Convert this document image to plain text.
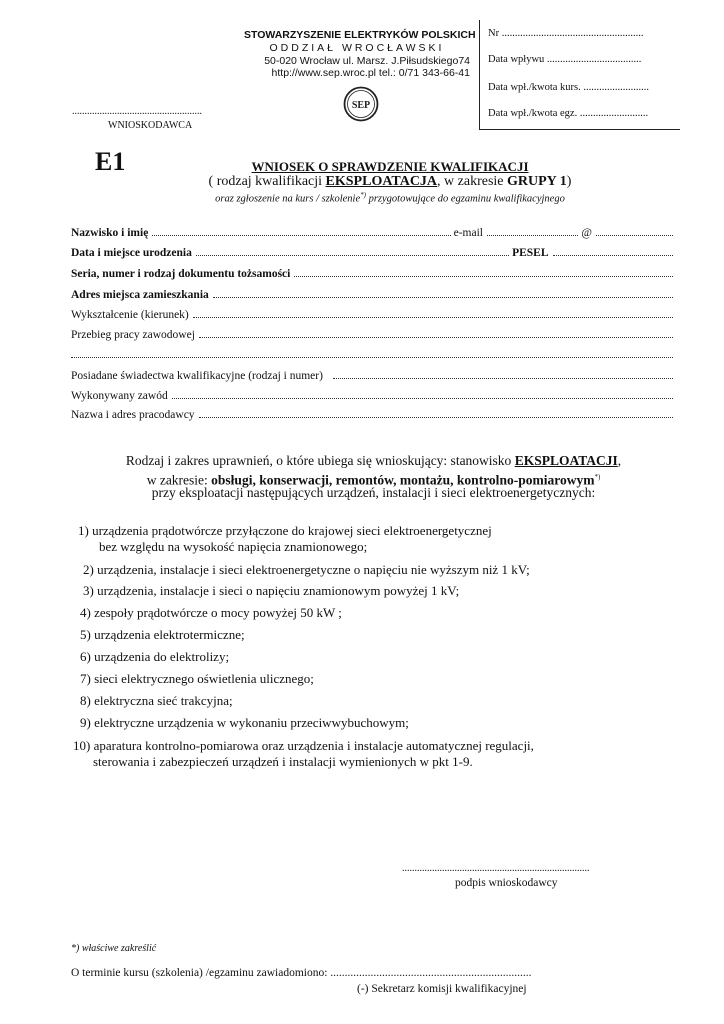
STOWARZYSZENIE ELEKTRYKÓW POLSKICH
ODDZIAŁ WROCŁAWSKI
50-020 Wrocław ul. Marsz. J.Piłsudskiego74
http://www.sep.wroc.pl tel.: 0/71 343-66-41
SEP
Nr ......................................................
Data wpływu ....................................
Data wpł./kwota kurs. .........................
Data wpł./kwota egz. ..........................
....................................................
WNIOSKODAWCA
E1	WNIOSEK O SPRAWDZENIE KWALIFIKACJI
( rodzaj kwalifikacji EKSPLOATACJA, w zakresie GRUPY 1)
oraz zgłoszenie na kurs / szkolenie*) przygotowujące do egzaminu kwalifikacyjnego
Nazwisko i imię	e-mail	@
Data i miejsce urodzenia	PESEL
Seria, numer i rodzaj dokumentu tożsamości
Adres miejsca zamieszkania
Wykształcenie (kierunek)
Przebieg pracy zawodowej
Posiadane świadectwa kwalifikacyjne (rodzaj i numer)
Wykonywany zawód
Nazwa i adres pracodawcy
Rodzaj i zakres uprawnień, o które ubiega się wnioskujący: stanowisko EKSPLOATACJI,
w zakresie: obsługi, konserwacji, remontów, montażu, kontrolno-pomiarowym*)
przy eksploatacji następujących urządzeń, instalacji i sieci elektroenergetycznych:
1) urządzenia prądotwórcze przyłączone do krajowej sieci elektroenergetycznej
bez względu na wysokość napięcia znamionowego;
2) urządzenia, instalacje i sieci elektroenergetyczne o napięciu nie wyższym niż 1 kV;
3) urządzenia, instalacje i sieci o napięciu znamionowym powyżej 1 kV;
4) zespoły prądotwórcze o mocy powyżej 50 kW ;
5) urządzenia elektrotermiczne;
6) urządzenia do elektrolizy;
7) sieci elektrycznego oświetlenia ulicznego;
8) elektryczna sieć trakcyjna;
9) elektryczne urządzenia w wykonaniu przeciwwybuchowym;
10) aparatura kontrolno-pomiarowa oraz urządzenia i instalacje automatycznej regulacji,
sterowania i zabezpieczeń urządzeń i instalacji wymienionych w pkt 1-9.
...........................................................................
podpis wnioskodawcy
*) właściwe zakreślić
O terminie kursu (szkolenia) /egzaminu zawiadomiono: ......................................................................
(-) Sekretarz komisji kwalifikacyjnej
